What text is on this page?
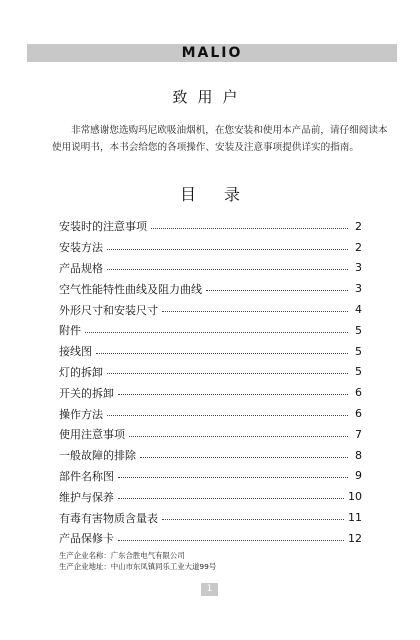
MALIO
致用户

非常感谢您选购玛尼欧吸油烟机，在您安装和使用本产品前，请仔细阅读本使用说明书，本书会给您的各项操作、安装及注意事项提供详实的指南。

目录
安装时的注意事项	2
安装方法	2
产品规格	3
空气性能特性曲线及阻力曲线	3
外形尺寸和安装尺寸	4
附件	5
接线图	5
灯的拆卸	5
开关的拆卸	6
操作方法	6
使用注意事项	7
一般故障的排除	8
部件名称图	9
维护与保养	10
有毒有害物质含量表	11
产品保修卡	12
生产企业名称：广东合胜电气有限公司
生产企业地址：中山市东凤镇同乐工业大道99号
1
